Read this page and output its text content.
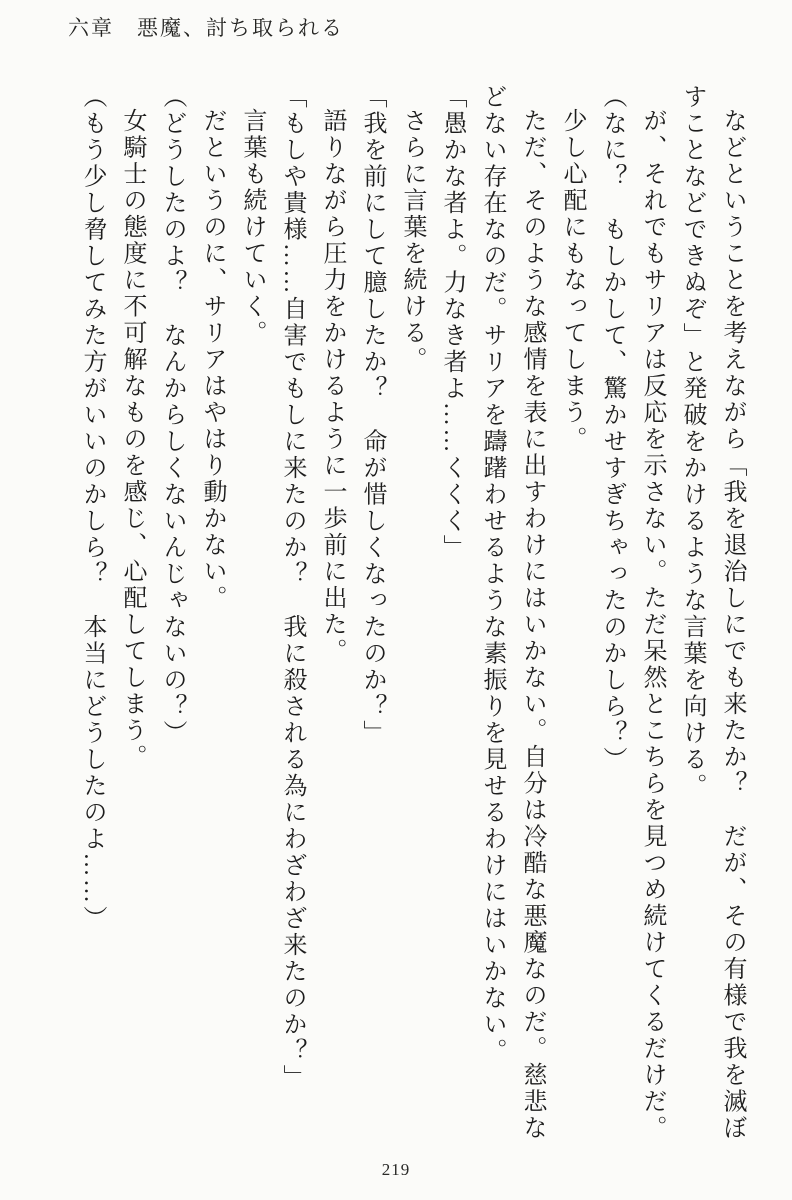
六章　悪魔、討ち取られる

などということを考えながら「我を退治しにでも来たか？　だが、その有様で我を滅ぼすことなどできぬぞ」と発破をかけるような言葉を向ける。

が、それでもサリアは反応を示さない。ただ呆然とこちらを見つめ続けてくるだけだ。

（なに？　もしかして、驚かせすぎちゃったのかしら？）

少し心配にもなってしまう。

ただ、そのような感情を表に出すわけにはいかない。自分は冷酷な悪魔なのだ。慈悲などない存在なのだ。サリアを躊躇わせるような素振りを見せるわけにはいかない。

「愚かな者よ。力なき者よ……くくく」

さらに言葉を続ける。

「我を前にして臆したか？　命が惜しくなったのか？」

語りながら圧力をかけるように一歩前に出た。

「もしや貴様……自害でもしに来たのか？　我に殺される為にわざわざ来たのか？」

言葉も続けていく。

だというのに、サリアはやはり動かない。

（どうしたのよ？　なんからしくないんじゃないの？）

女騎士の態度に不可解なものを感じ、心配してしまう。

（もう少し脅してみた方がいいのかしら？　本当にどうしたのよ……）

219
